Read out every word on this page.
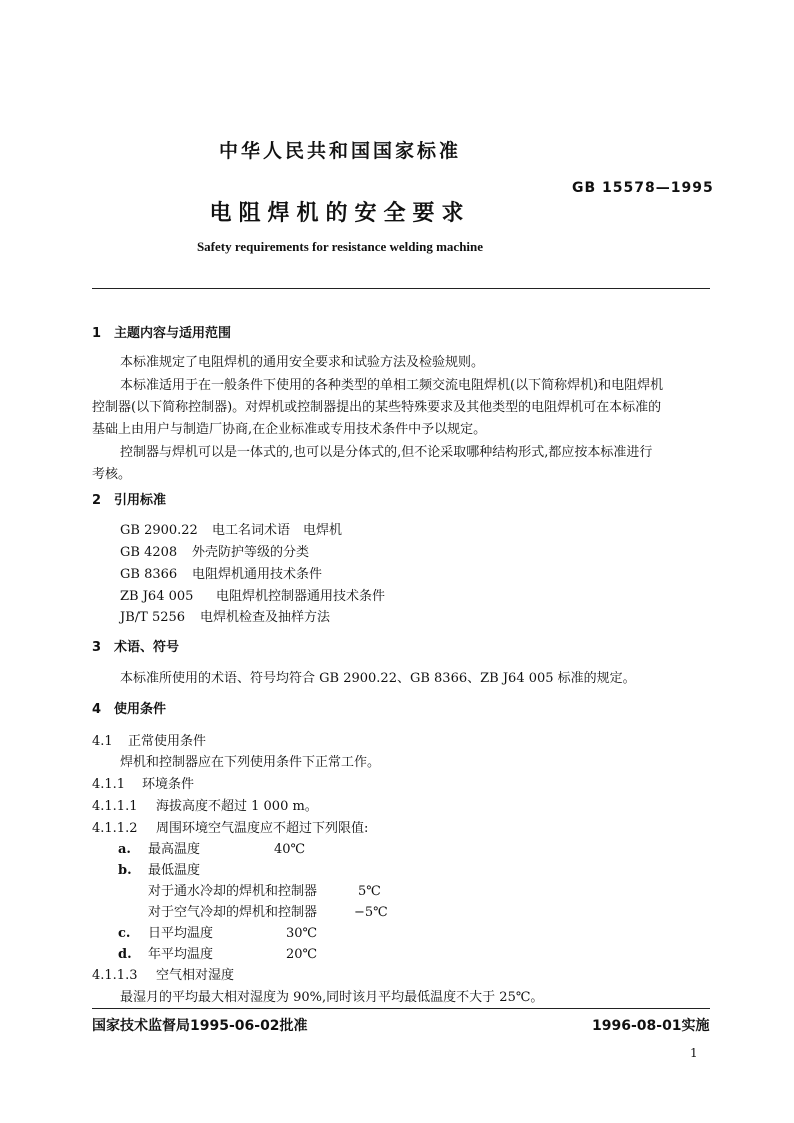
中华人民共和国国家标准
GB 15578—1995
电阻焊机的安全要求
Safety requirements for resistance welding machine
1 主题内容与适用范围
本标准规定了电阻焊机的通用安全要求和试验方法及检验规则。
本标准适用于在一般条件下使用的各种类型的单相工频交流电阻焊机(以下简称焊机)和电阻焊机
控制器(以下简称控制器)。对焊机或控制器提出的某些特殊要求及其他类型的电阻焊机可在本标准的
基础上由用户与制造厂协商,在企业标准或专用技术条件中予以规定。
控制器与焊机可以是一体式的,也可以是分体式的,但不论采取哪种结构形式,都应按本标准进行
考核。
2 引用标准
GB 2900.22 电工名词术语　电焊机
GB 4208 外壳防护等级的分类
GB 8366 电阻焊机通用技术条件
ZB J64 005 电阻焊机控制器通用技术条件
JB/T 5256 电焊机检查及抽样方法
3 术语、符号
本标准所使用的术语、符号均符合 GB 2900.22、GB 8366、ZB J64 005 标准的规定。
4 使用条件
4.1 正常使用条件
焊机和控制器应在下列使用条件下正常工作。
4.1.1 环境条件
4.1.1.1 海拔高度不超过 1 000 m。
4.1.1.2 周围环境空气温度应不超过下列限值:
a. 最高温度	40℃
b. 最低温度
对于通水冷却的焊机和控制器	5℃
对于空气冷却的焊机和控制器	−5℃
c. 日平均温度	30℃
d. 年平均温度	20℃
4.1.1.3 空气相对湿度
最湿月的平均最大相对湿度为 90%,同时该月平均最低温度不大于 25℃。
国家技术监督局1995-06-02批准	1996-08-01实施
1
